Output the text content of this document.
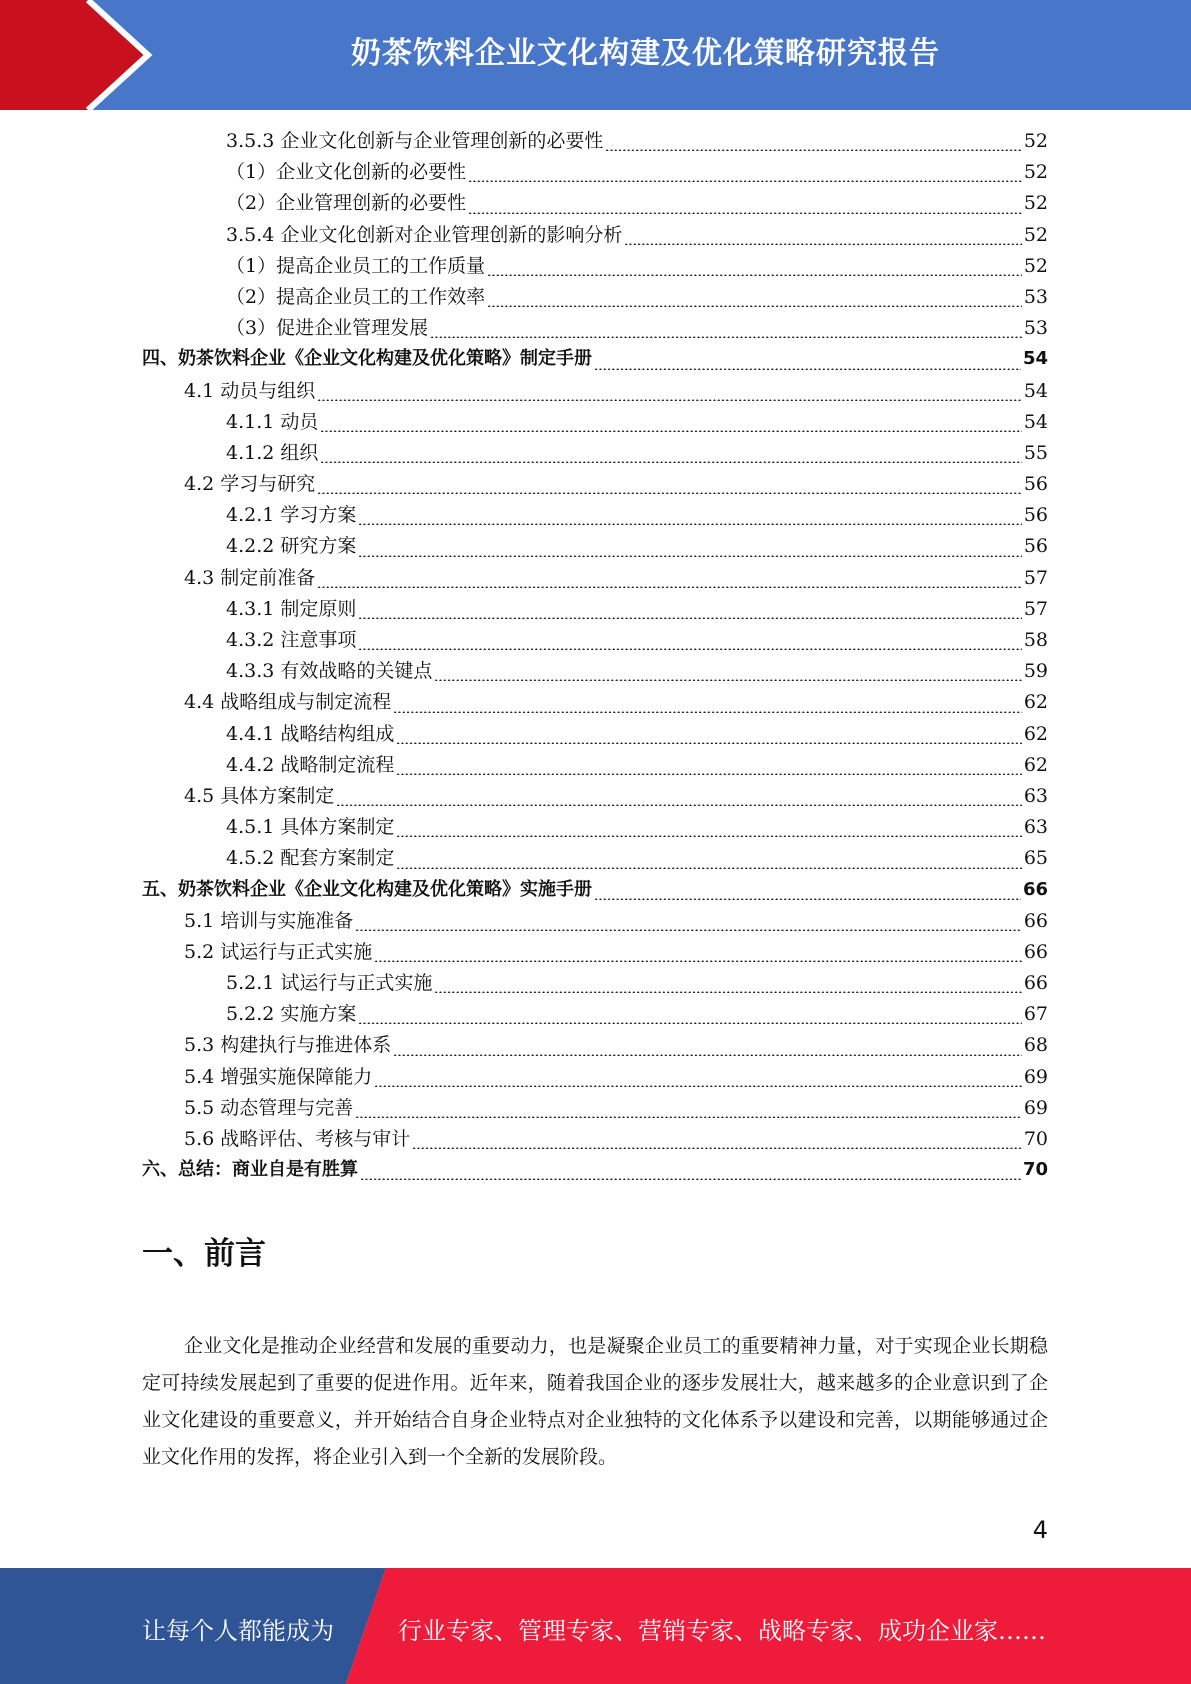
奶茶饮料企业文化构建及优化策略研究报告
3.5.3 企业文化创新与企业管理创新的必要性	52
（1）企业文化创新的必要性	52
（2）企业管理创新的必要性	52
3.5.4 企业文化创新对企业管理创新的影响分析	52
（1）提高企业员工的工作质量	52
（2）提高企业员工的工作效率	53
（3）促进企业管理发展	53
四、奶茶饮料企业《企业文化构建及优化策略》制定手册	54
4.1 动员与组织	54
4.1.1 动员	54
4.1.2 组织	55
4.2 学习与研究	56
4.2.1 学习方案	56
4.2.2 研究方案	56
4.3 制定前准备	57
4.3.1 制定原则	57
4.3.2 注意事项	58
4.3.3 有效战略的关键点	59
4.4 战略组成与制定流程	62
4.4.1 战略结构组成	62
4.4.2 战略制定流程	62
4.5 具体方案制定	63
4.5.1 具体方案制定	63
4.5.2 配套方案制定	65
五、奶茶饮料企业《企业文化构建及优化策略》实施手册	66
5.1 培训与实施准备	66
5.2 试运行与正式实施	66
5.2.1 试运行与正式实施	66
5.2.2 实施方案	67
5.3 构建执行与推进体系	68
5.4 增强实施保障能力	69
5.5 动态管理与完善	69
5.6 战略评估、考核与审计	70
六、总结：商业自是有胜算	70
一、前言
企业文化是推动企业经营和发展的重要动力，也是凝聚企业员工的重要精神力量，对于实现企业长期稳定可持续发展起到了重要的促进作用。近年来，随着我国企业的逐步发展壮大，越来越多的企业意识到了企业文化建设的重要意义，并开始结合自身企业特点对企业独特的文化体系予以建设和完善，以期能够通过企业文化作用的发挥，将企业引入到一个全新的发展阶段。
4
让每个人都能成为	行业专家、管理专家、营销专家、战略专家、成功企业家……
